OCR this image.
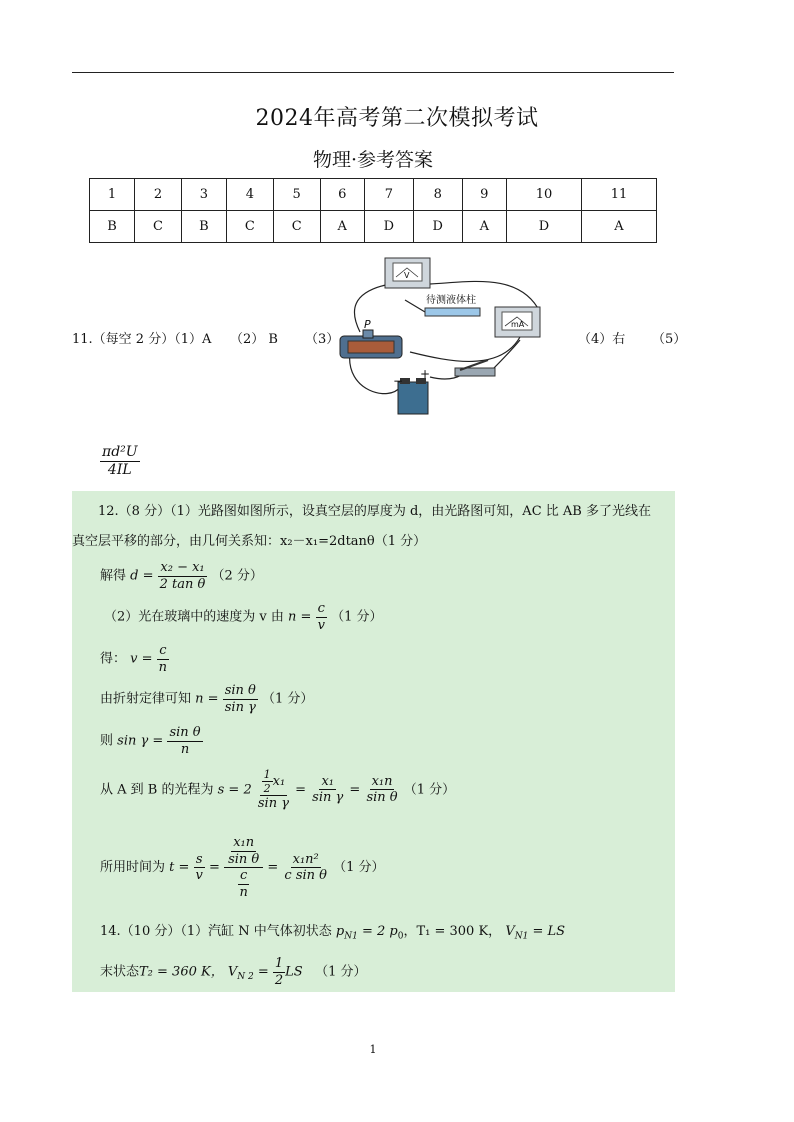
2024年高考第二次模拟考试
物理·参考答案
1	2	3	4	5	6	7	8	9	10	11
B	C	B	C	C	A	D	D	A	D	A
11.（每空 2 分）（1）A （2） B （3）	（4）右 （5）
V
待测液体柱
mA
P
+
−
$\frac{\text{πd²U}}{4IL}$
12.（8 分）（1）光路图如图所示，设真空层的厚度为 d，由光路图可知，AC 比 AB 多了光线在
真空层平移的部分，由几何关系知：x₂－x₁=2dtanθ（1 分）
解得 $d = \frac{\text{x₂ − x₁}}{\text{2 tan θ}} (2$ 分）
（2）光在玻璃中的速度为 v 由 $n = \frac{c}{v} (1$ 分）
得： $v = \frac{c}{n}$
由折射定律可知 $n = \frac{\text{sin θ}}{\text{sin γ}} (1$ 分）
则 $\sin \gamma = \frac{\text{sin θ}}{n}$
从 A 到 B 的光程为 $s = 2 \frac{\frac{1}{2} x_1}{\text{sin γ}} = \frac{\text{x₁}}{\text{sin γ}} = \frac{\text{x₁n}}{\text{sin θ}} (1$ 分）
所用时间为 $t = \frac{s}{v} = \frac{\frac{\text{x₁n}}{\text{sin θ}}}{\frac{c}{n}} = \frac{\text{x₁n²}}{\text{c sin θ}} (1$ 分）
14.（10 分）（1）汽缸 N 中气体初状态 $p_{N1} = 2$ $p_0$，T₁ = 300 K， $V_{N1}$ = LS
末状态T₂ = 360 K， $V_{N 2} = \frac{1}{2}$ LS （1 分）
1
